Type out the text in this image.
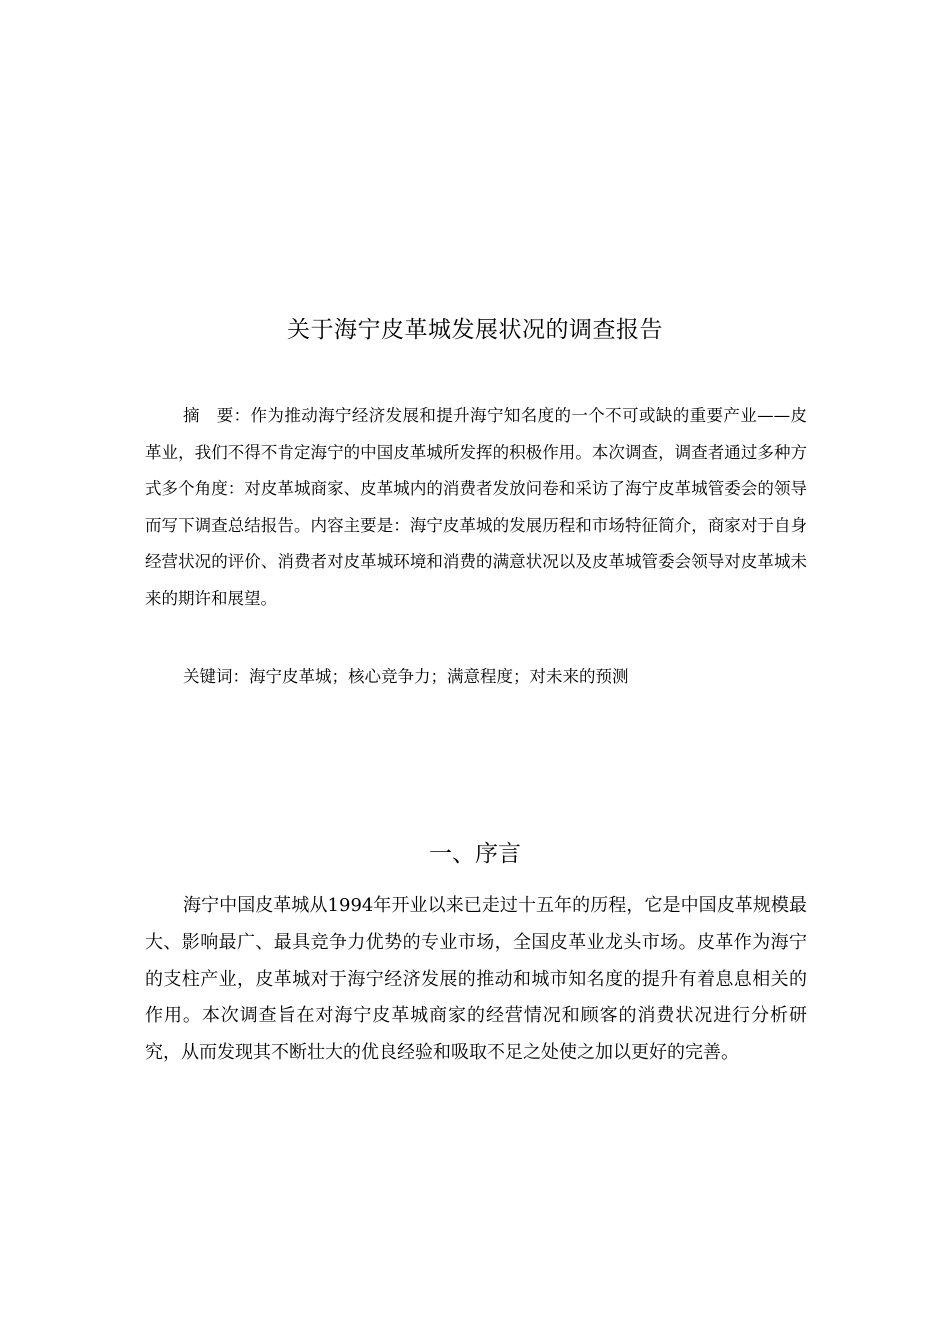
关于海宁皮革城发展状况的调查报告

摘　要：作为推动海宁经济发展和提升海宁知名度的一个不可或缺的重要产业——皮革业，我们不得不肯定海宁的中国皮革城所发挥的积极作用。本次调查，调查者通过多种方式多个角度：对皮革城商家、皮革城内的消费者发放问卷和采访了海宁皮革城管委会的领导而写下调查总结报告。内容主要是：海宁皮革城的发展历程和市场特征简介，商家对于自身经营状况的评价、消费者对皮革城环境和消费的满意状况以及皮革城管委会领导对皮革城未来的期许和展望。

关键词：海宁皮革城；核心竞争力；满意程度；对未来的预测

一、序言

海宁中国皮革城从1994年开业以来已走过十五年的历程，它是中国皮革规模最大、影响最广、最具竞争力优势的专业市场，全国皮革业龙头市场。皮革作为海宁的支柱产业，皮革城对于海宁经济发展的推动和城市知名度的提升有着息息相关的作用。本次调查旨在对海宁皮革城商家的经营情况和顾客的消费状况进行分析研究，从而发现其不断壮大的优良经验和吸取不足之处使之加以更好的完善。
